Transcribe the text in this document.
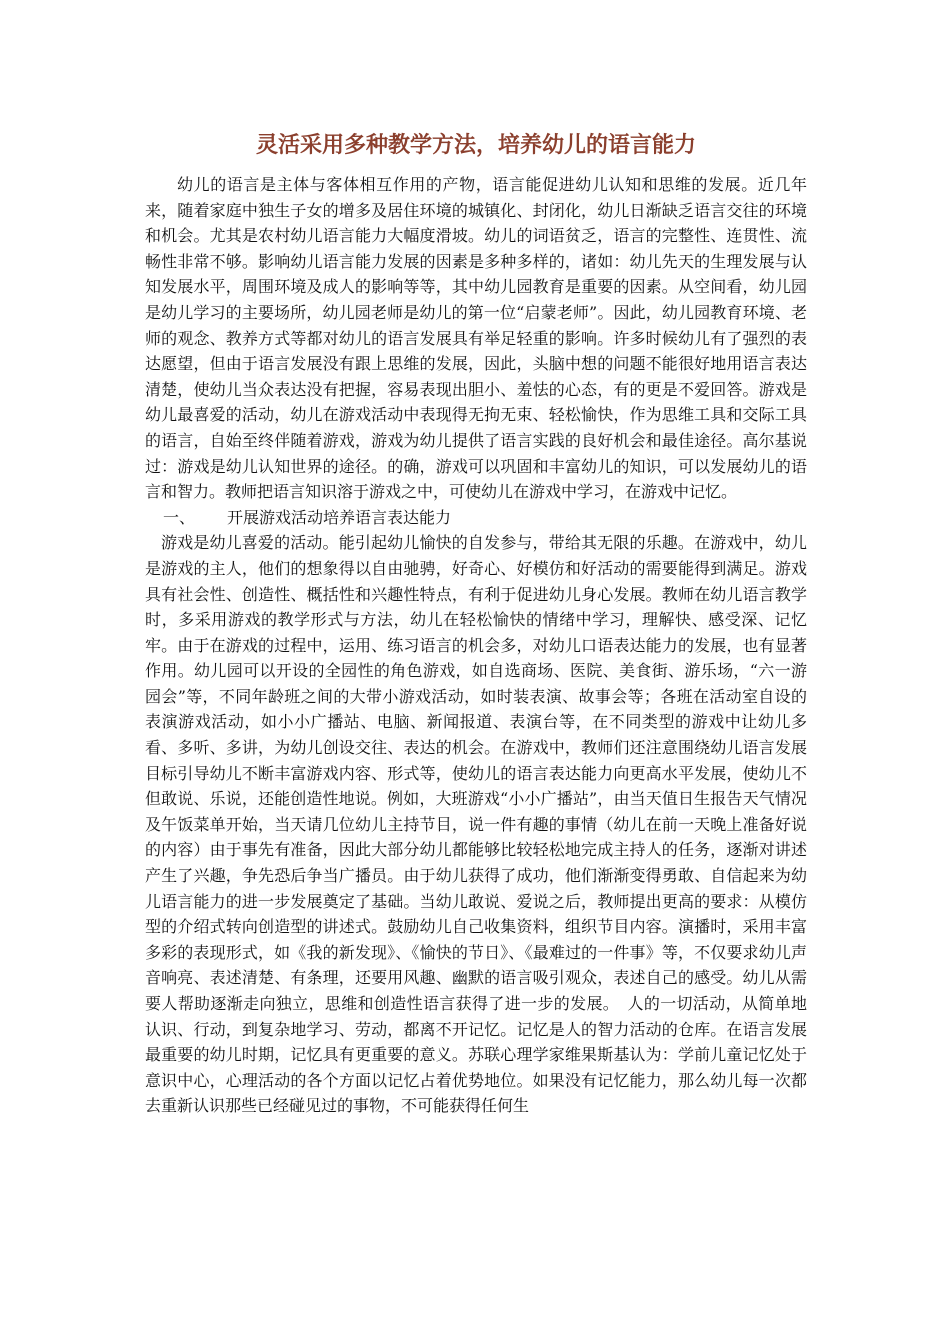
灵活采用多种教学方法，培养幼儿的语言能力

幼儿的语言是主体与客体相互作用的产物，语言能促进幼儿认知和思维的发展。近几年来，随着家庭中独生子女的增多及居住环境的城镇化、封闭化，幼儿日渐缺乏语言交往的环境和机会。尤其是农村幼儿语言能力大幅度滑坡。幼儿的词语贫乏，语言的完整性、连贯性、流畅性非常不够。影响幼儿语言能力发展的因素是多种多样的，诸如：幼儿先天的生理发展与认知发展水平，周围环境及成人的影响等等，其中幼儿园教育是重要的因素。从空间看，幼儿园是幼儿学习的主要场所，幼儿园老师是幼儿的第一位“启蒙老师”。因此，幼儿园教育环境、老师的观念、教养方式等都对幼儿的语言发展具有举足轻重的影响。许多时候幼儿有了强烈的表达愿望，但由于语言发展没有跟上思维的发展，因此，头脑中想的问题不能很好地用语言表达清楚，使幼儿当众表达没有把握，容易表现出胆小、羞怯的心态，有的更是不爱回答。游戏是幼儿最喜爱的活动，幼儿在游戏活动中表现得无拘无束、轻松愉快，作为思维工具和交际工具的语言，自始至终伴随着游戏，游戏为幼儿提供了语言实践的良好机会和最佳途径。高尔基说过：游戏是幼儿认知世界的途径。的确，游戏可以巩固和丰富幼儿的知识，可以发展幼儿的语言和智力。教师把语言知识溶于游戏之中，可使幼儿在游戏中学习，在游戏中记忆。

一、 开展游戏活动培养语言表达能力

游戏是幼儿喜爱的活动。能引起幼儿愉快的自发参与，带给其无限的乐趣。在游戏中，幼儿是游戏的主人，他们的想象得以自由驰骋，好奇心、好模仿和好活动的需要能得到满足。游戏具有社会性、创造性、概括性和兴趣性特点，有利于促进幼儿身心发展。教师在幼儿语言教学时，多采用游戏的教学形式与方法，幼儿在轻松愉快的情绪中学习，理解快、感受深、记忆牢。由于在游戏的过程中，运用、练习语言的机会多，对幼儿口语表达能力的发展，也有显著作用。幼儿园可以开设的全园性的角色游戏，如自选商场、医院、美食街、游乐场，“六一游园会”等，不同年龄班之间的大带小游戏活动，如时装表演、故事会等；各班在活动室自设的表演游戏活动，如小小广播站、电脑、新闻报道、表演台等，在不同类型的游戏中让幼儿多看、多听、多讲，为幼儿创设交往、表达的机会。在游戏中，教师们还注意围绕幼儿语言发展目标引导幼儿不断丰富游戏内容、形式等，使幼儿的语言表达能力向更高水平发展，使幼儿不但敢说、乐说，还能创造性地说。例如，大班游戏“小小广播站”，由当天值日生报告天气情况及午饭菜单开始，当天请几位幼儿主持节目，说一件有趣的事情（幼儿在前一天晚上准备好说的内容）由于事先有准备，因此大部分幼儿都能够比较轻松地完成主持人的任务，逐渐对讲述产生了兴趣，争先恐后争当广播员。由于幼儿获得了成功，他们渐渐变得勇敢、自信起来为幼儿语言能力的进一步发展奠定了基础。当幼儿敢说、爱说之后，教师提出更高的要求：从模仿型的介绍式转向创造型的讲述式。鼓励幼儿自己收集资料，组织节目内容。演播时，采用丰富多彩的表现形式，如《我的新发现》、《愉快的节日》、《最难过的一件事》等，不仅要求幼儿声音响亮、表述清楚、有条理，还要用风趣、幽默的语言吸引观众，表述自己的感受。幼儿从需要人帮助逐渐走向独立，思维和创造性语言获得了进一步的发展。　人的一切活动，从简单地认识、行动，到复杂地学习、劳动，都离不开记忆。记忆是人的智力活动的仓库。在语言发展最重要的幼儿时期，记忆具有更重要的意义。苏联心理学家维果斯基认为：学前儿童记忆处于意识中心，心理活动的各个方面以记忆占着优势地位。如果没有记忆能力，那么幼儿每一次都去重新认识那些已经碰见过的事物，不可能获得任何生
